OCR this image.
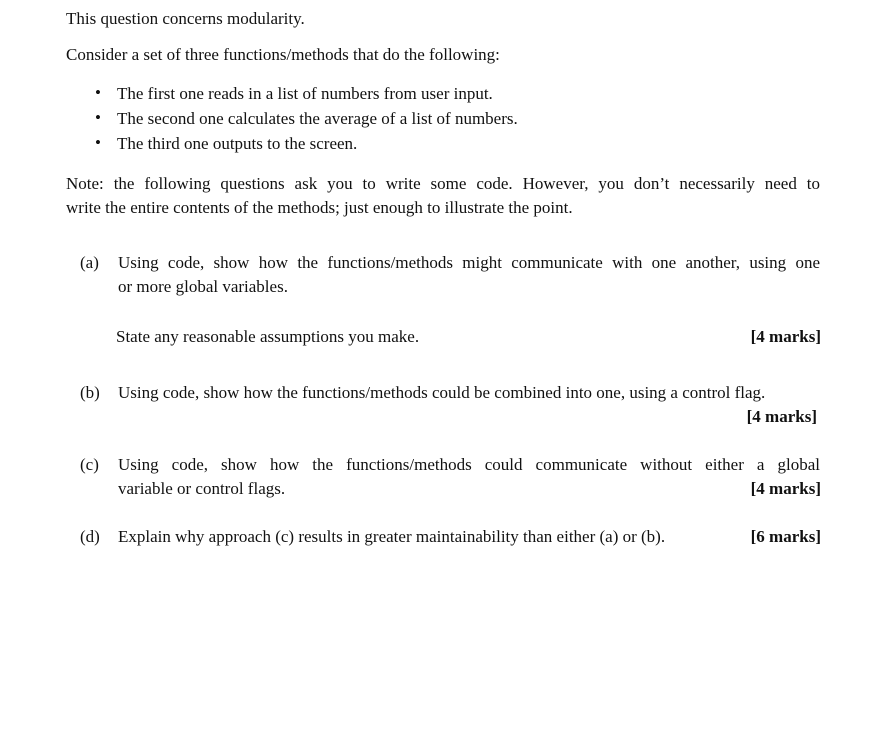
This question concerns modularity.
Consider a set of three functions/methods that do the following:
• The first one reads in a list of numbers from user input.
• The second one calculates the average of a list of numbers.
• The third one outputs to the screen.
Note: the following questions ask you to write some code. However, you don’t necessarily need to
write the entire contents of the methods; just enough to illustrate the point.
(a) Using code, show how the functions/methods might communicate with one another, using one
or more global variables.
State any reasonable assumptions you make.	[4 marks]
(b) Using code, show how the functions/methods could be combined into one, using a control flag.
[4 marks]
(c) Using code, show how the functions/methods could communicate without either a global
variable or control flags.	[4 marks]
(d) Explain why approach (c) results in greater maintainability than either (a) or (b).	[6 marks]
